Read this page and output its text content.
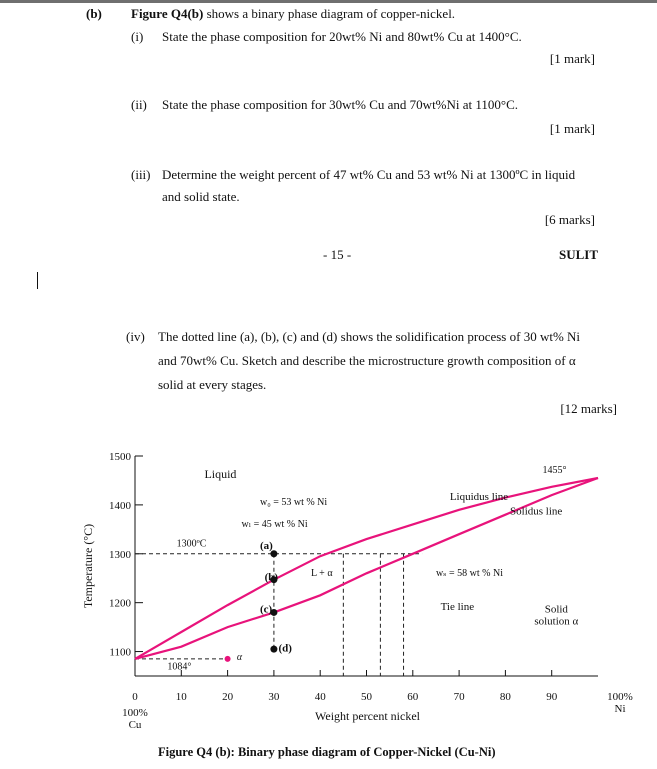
(b) Figure Q4(b) shows a binary phase diagram of copper-nickel.
(i) State the phase composition for 20wt% Ni and 80wt% Cu at 1400°C.
[1 mark]
(ii) State the phase composition for 30wt% Cu and 70wt%Ni at 1100°C.
[1 mark]
(iii) Determine the weight percent of 47 wt% Cu and 53 wt% Ni at 1300ºC in liquid
and solid state.
[6 marks]
- 15 -	SULIT
(iv) The dotted line (a), (b), (c) and (d) shows the solidification process of 30 wt% Ni
and 70wt% Cu. Sketch and describe the microstructure growth composition of α
solid at every stages.
[12 marks]
1100
1200
1300
1400
1500
10	20	30	40	50	60	70	80	90
0
Weight percent nickel
Temperature (°C)
100%
Cu
100%
Ni
Liquid
Liquidus line
Solidus line
Solid
solution α
1300ºC
1084°
1455°
w₀ = 53 wt % Ni
wₗ = 45 wt % Ni
wₛ = 58 wt % Ni
Tie line
L + α
(a)
(b)
(c)
(d)
α
Figure Q4 (b): Binary phase diagram of Copper-Nickel (Cu-Ni)
